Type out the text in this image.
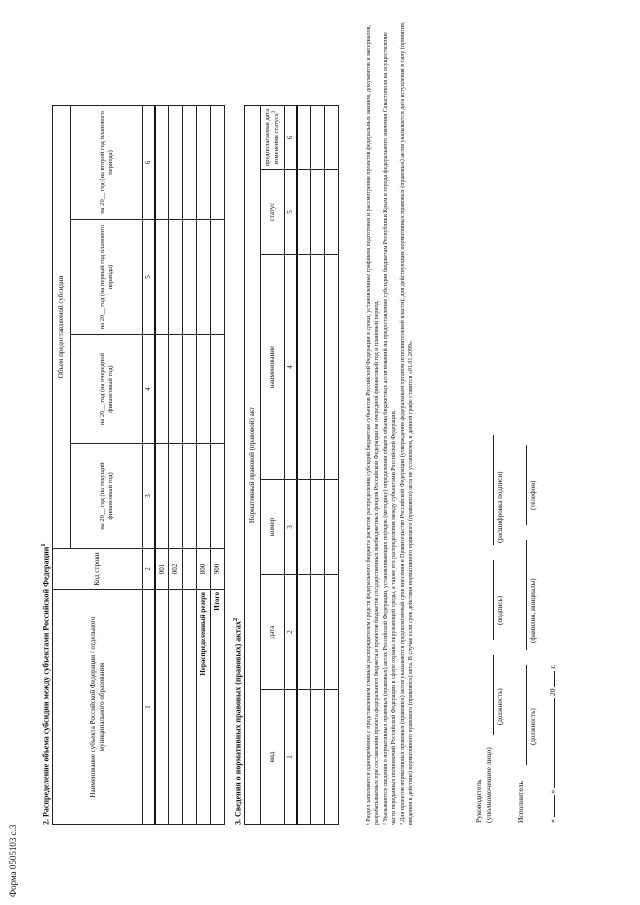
Форма 0505103 с.3
2. Распределение объема субсидии между субъектами Российской Федерации$^1$
Наименование субъекта Российской Федерации / отдельного муниципального образования	Код строки	Объем предоставляемой субсидии			
		на 20__ год (на текущий финансовый год)	на 20__ год (на очередной финансовый год)	на 20__ год (на первый год планового периода)	на 20__ год (на второй год планового периода)
1	2	3	4	5	6
	001				
	002				

Нераспределенный резерв	800				
Итого	900				
3. Сведения о нормативных правовых (правовых) актах$^2$
Нормативный правовой (правовой) акт					
вид	дата	номер	наименование	статус	предполагаемая дата изменения статуса$^3$
1	2	3	4	5	6

						¹ Раздел заполняется одновременно с представлением главным распорядителем средств федерального бюджета расчетов распределения субсидий бюджетам субъектов Российской Федерации в сроки, установленные графиком подготовки и рассмотрения проектов федеральных законов, документов и материалов, разрабатываемых при составлении проекта федерального бюджета и проектов бюджетов государственных внебюджетных фондов Российской Федерации на очередной финансовый год и плановый период. ² Указываются сведения о нормативных правовых (правовых) актах Российской Федерации, устанавливающих порядок (методику) определения общего объема бюджетных ассигнований на предоставление субсидии бюджетам Республики Крым и города федерального значения Севастополя на осуществление части переданных полномочий Российской Федерации в сфере охраны окружающей среды, а также его распределения между субъектами Российской Федерации. ³ Для проектов нормативных правовых (правовых) актов указываются предполагаемый срок внесения в Правительство Российской Федерации (утверждения федеральным органом исполнительной власти); для действующих нормативных правовых (правовых) актов указывается дата вступления в силу (принятия, введения в действие) нормативного правового (правового) акта. В случае если срок действия нормативного правового (правового) акта не установлен, в данной графе ставится «01.01.2099».	Руководитель (уполномоченное лицо)
(должность)
(подпись)
(расшифровка подписи)
Исполнитель
(должность)
(фамилия, инициалы)
(телефон)
«  »  20  г.
